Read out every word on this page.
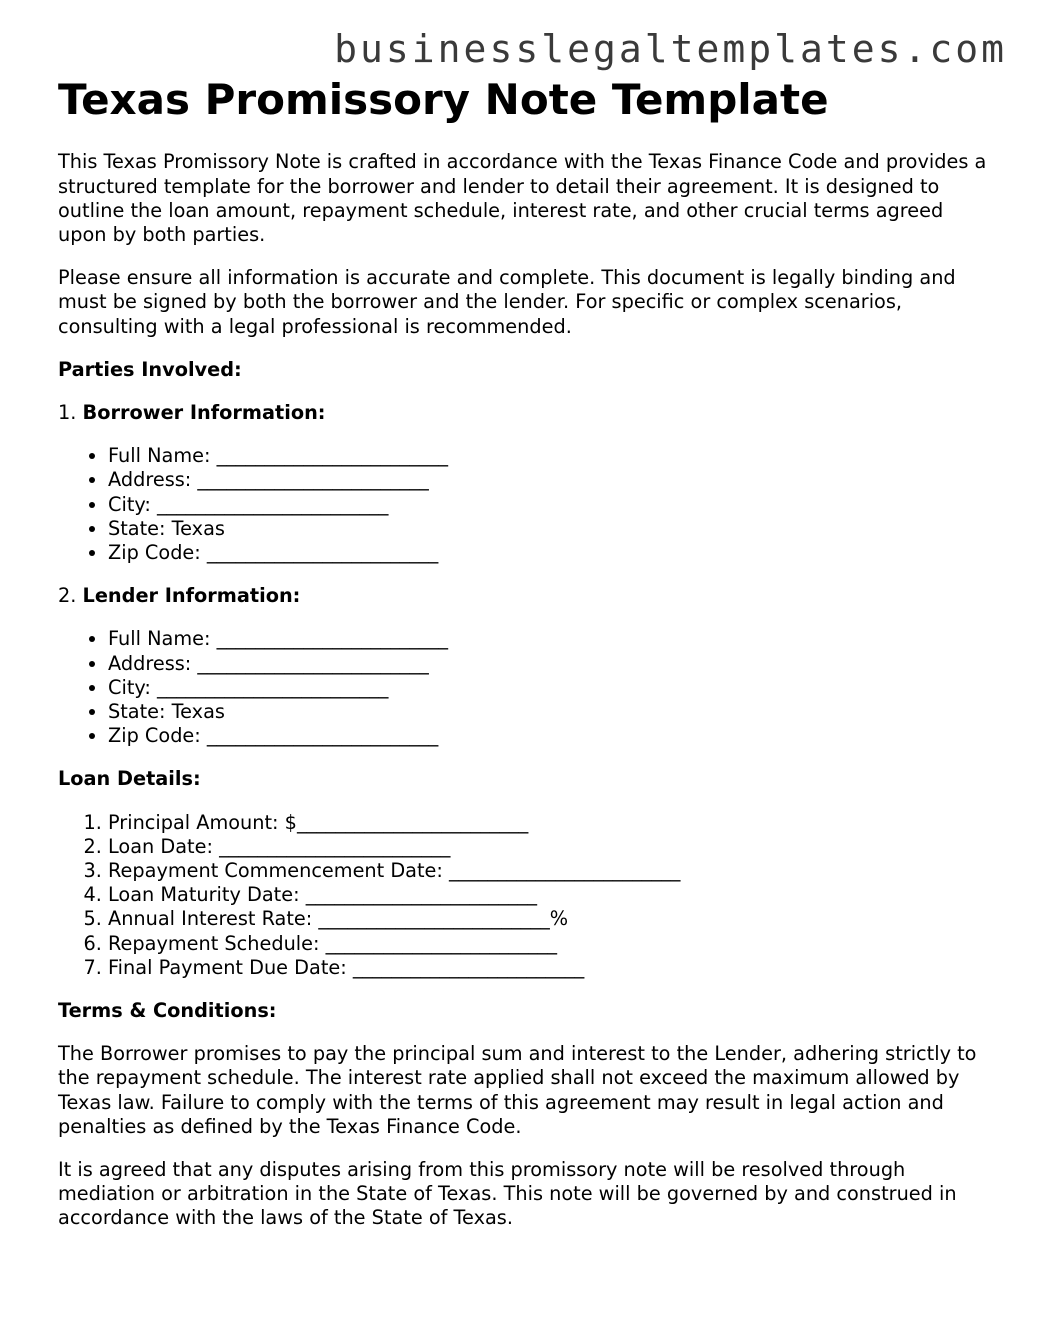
businesslegaltemplates.com
Texas Promissory Note Template

This Texas Promissory Note is crafted in accordance with the Texas Finance Code and provides a structured template for the borrower and lender to detail their agreement. It is designed to outline the loan amount, repayment schedule, interest rate, and other crucial terms agreed upon by both parties.

Please ensure all information is accurate and complete. This document is legally binding and must be signed by both the borrower and the lender. For specific or complex scenarios, consulting with a legal professional is recommended.

Parties Involved:

1. Borrower Information:
• Full Name: ________________________
• Address: ________________________
• City: ________________________
• State: Texas
• Zip Code: ________________________
2. Lender Information:
• Full Name: ________________________
• Address: ________________________
• City: ________________________
• State: Texas
• Zip Code: ________________________

Loan Details:

1. Principal Amount: $________________________
2. Loan Date: ________________________
3. Repayment Commencement Date: ________________________
4. Loan Maturity Date: ________________________
5. Annual Interest Rate: ________________________%
6. Repayment Schedule: ________________________
7. Final Payment Due Date: ________________________

Terms & Conditions:

The Borrower promises to pay the principal sum and interest to the Lender, adhering strictly to the repayment schedule. The interest rate applied shall not exceed the maximum allowed by Texas law. Failure to comply with the terms of this agreement may result in legal action and penalties as defined by the Texas Finance Code.

It is agreed that any disputes arising from this promissory note will be resolved through mediation or arbitration in the State of Texas. This note will be governed by and construed in accordance with the laws of the State of Texas.
